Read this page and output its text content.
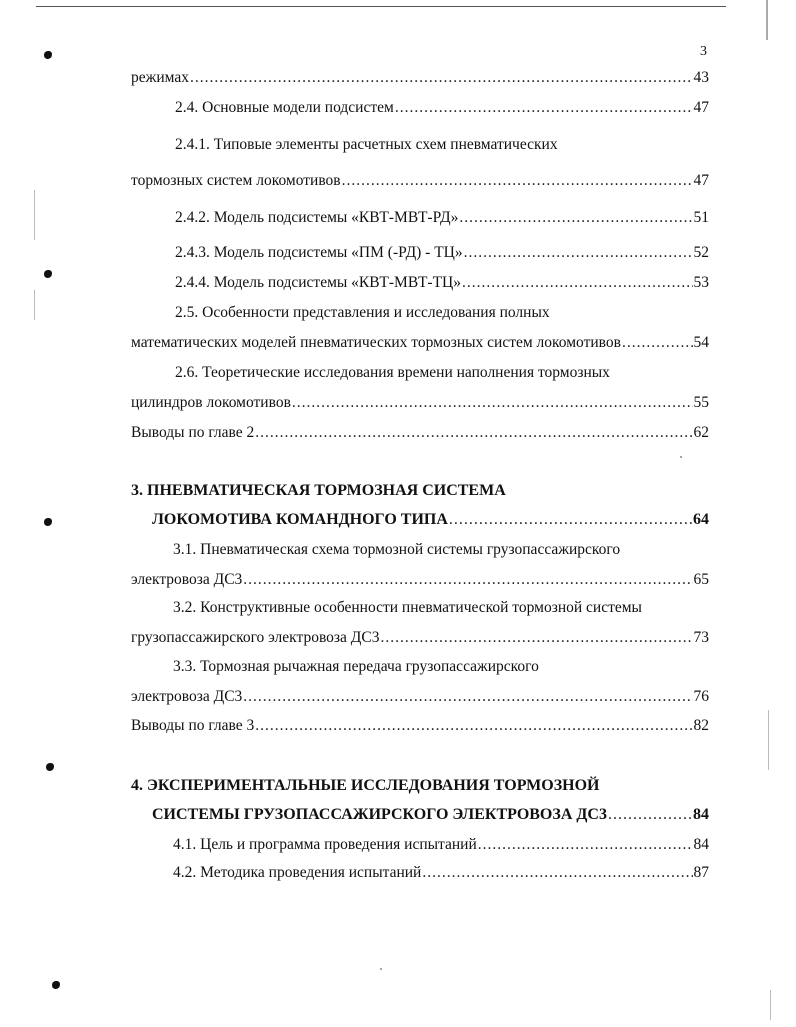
3
режимах .....	43
2.4. Основные модели подсистем .....	47
2.4.1. Типовые элементы расчетных схем пневматических
тормозных систем локомотивов .....	47
2.4.2. Модель подсистемы «КВТ-МВТ-РД» .....	51
2.4.3. Модель подсистемы «ПМ (-РД) - ТЦ» .....	52
2.4.4. Модель подсистемы «КВТ-МВТ-ТЦ» .....	53
2.5. Особенности представления и исследования полных
математических моделей пневматических тормозных систем локомотивов .....	54
2.6. Теоретические исследования времени наполнения тормозных
цилиндров локомотивов .....	55
Выводы по главе 2 .....	62
3. ПНЕВМАТИЧЕСКАЯ ТОРМОЗНАЯ СИСТЕМА
ЛОКОМОТИВА КОМАНДНОГО ТИПА .....	64
3.1. Пневматическая схема тормозной системы грузопассажирского
электровоза ДС3 .....	65
3.2. Конструктивные особенности пневматической тормозной системы
грузопассажирского электровоза ДС3 .....	73
3.3. Тормозная рычажная передача грузопассажирского
электровоза ДС3 .....	76
Выводы по главе 3 .....	82
4. ЭКСПЕРИМЕНТАЛЬНЫЕ ИССЛЕДОВАНИЯ ТОРМОЗНОЙ
СИСТЕМЫ ГРУЗОПАССАЖИРСКОГО ЭЛЕКТРОВОЗА ДС3 .....	84
4.1. Цель и программа проведения испытаний .....	84
4.2. Методика проведения испытаний .....	87
